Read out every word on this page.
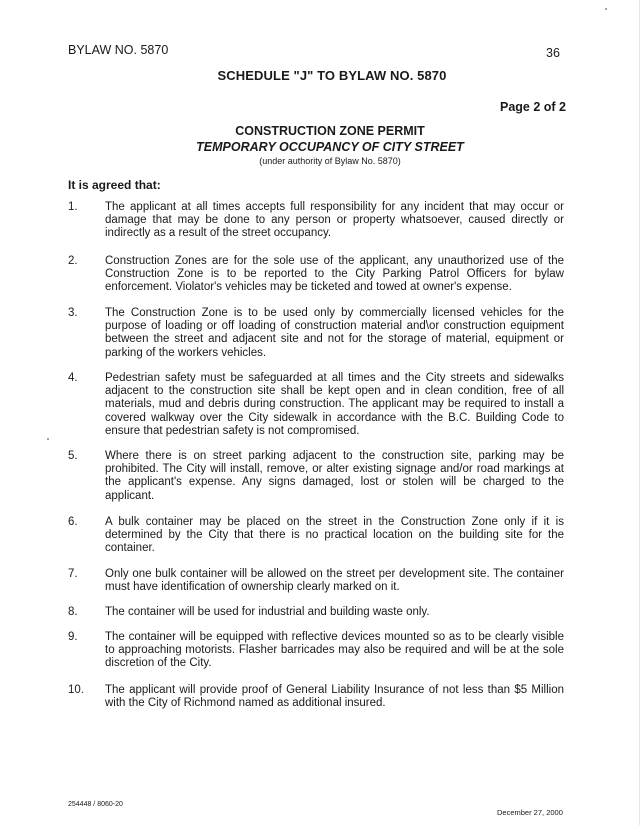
BYLAW NO. 5870	36
SCHEDULE "J" TO BYLAW NO. 5870
Page 2 of 2
CONSTRUCTION ZONE PERMIT
TEMPORARY OCCUPANCY OF CITY STREET
(under authority of Bylaw No. 5870)
It is agreed that:
1.	The applicant at all times accepts full responsibility for any incident that may occur or damage that may be done to any person or property whatsoever, caused directly or indirectly as a result of the street occupancy.
2.	Construction Zones are for the sole use of the applicant, any unauthorized use of the Construction Zone is to be reported to the City Parking Patrol Officers for bylaw enforcement. Violator's vehicles may be ticketed and towed at owner's expense.
3.	The Construction Zone is to be used only by commercially licensed vehicles for the purpose of loading or off loading of construction material and\or construction equipment between the street and adjacent site and not for the storage of material, equipment or parking of the workers vehicles.
4.	Pedestrian safety must be safeguarded at all times and the City streets and sidewalks adjacent to the construction site shall be kept open and in clean condition, free of all materials, mud and debris during construction. The applicant may be required to install a covered walkway over the City sidewalk in accordance with the B.C. Building Code to ensure that pedestrian safety is not compromised.
5.	Where there is on street parking adjacent to the construction site, parking may be prohibited. The City will install, remove, or alter existing signage and/or road markings at the applicant's expense. Any signs damaged, lost or stolen will be charged to the applicant.
6.	A bulk container may be placed on the street in the Construction Zone only if it is determined by the City that there is no practical location on the building site for the container.
7.	Only one bulk container will be allowed on the street per development site. The container must have identification of ownership clearly marked on it.
8.	The container will be used for industrial and building waste only.
9.	The container will be equipped with reflective devices mounted so as to be clearly visible to approaching motorists. Flasher barricades may also be required and will be at the sole discretion of the City.
10.	The applicant will provide proof of General Liability Insurance of not less than $5 Million with the City of Richmond named as additional insured.
254448 / 8060-20
December 27, 2000
